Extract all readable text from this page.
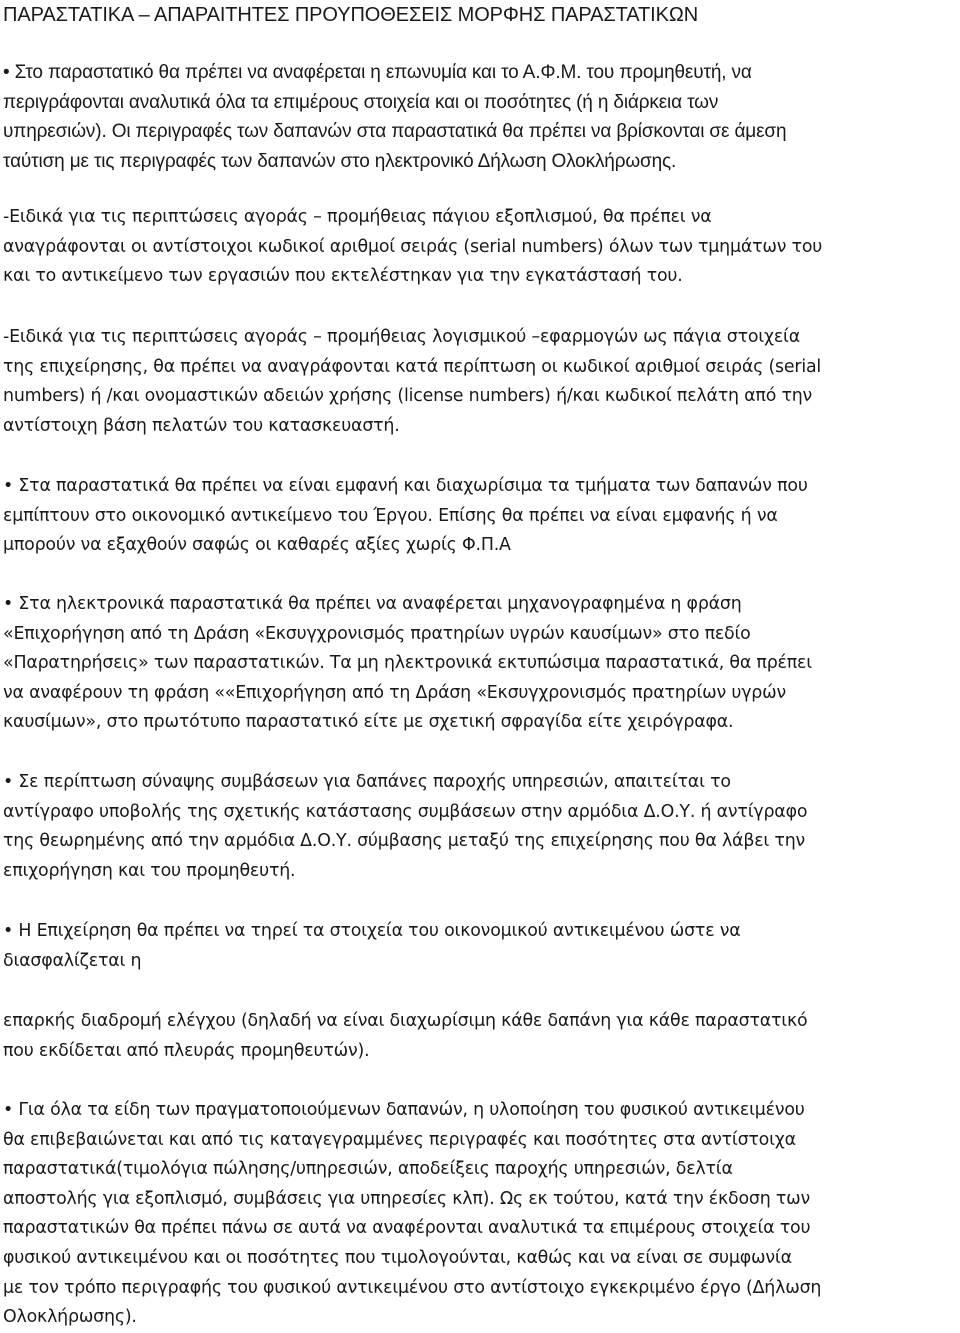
ΠΑΡΑΣΤΑΤΙΚΑ – ΑΠΑΡΑΙΤΗΤΕΣ ΠΡΟΥΠΟΘΕΣΕΙΣ ΜΟΡΦΗΣ ΠΑΡΑΣΤΑΤΙΚΩΝ
• Στο παραστατικό θα πρέπει να αναφέρεται η επωνυμία και το Α.Φ.Μ. του προμηθευτή, να
περιγράφονται αναλυτικά όλα τα επιμέρους στοιχεία και οι ποσότητες (ή η διάρκεια των
υπηρεσιών). Οι περιγραφές των δαπανών στα παραστατικά θα πρέπει να βρίσκονται σε άμεση
ταύτιση με τις περιγραφές των δαπανών στο ηλεκτρονικό Δήλωση Ολοκλήρωσης.
-Ειδικά για τις περιπτώσεις αγοράς – προμήθειας πάγιου εξοπλισμού, θα πρέπει να
αναγράφονται οι αντίστοιχοι κωδικοί αριθμοί σειράς (serial numbers) όλων των τμημάτων του
και το αντικείμενο των εργασιών που εκτελέστηκαν για την εγκατάστασή του.
-Ειδικά για τις περιπτώσεις αγοράς – προμήθειας λογισμικού –εφαρμογών ως πάγια στοιχεία
της επιχείρησης, θα πρέπει να αναγράφονται κατά περίπτωση οι κωδικοί αριθμοί σειράς (serial
numbers) ή /και ονομαστικών αδειών χρήσης (license numbers) ή/και κωδικοί πελάτη από την
αντίστοιχη βάση πελατών του κατασκευαστή.
• Στα παραστατικά θα πρέπει να είναι εμφανή και διαχωρίσιμα τα τμήματα των δαπανών που
εμπίπτουν στο οικονομικό αντικείμενο του Έργου. Επίσης θα πρέπει να είναι εμφανής ή να
μπορούν να εξαχθούν σαφώς οι καθαρές αξίες χωρίς Φ.Π.Α
• Στα ηλεκτρονικά παραστατικά θα πρέπει να αναφέρεται μηχανογραφημένα η φράση
«Επιχορήγηση από τη Δράση «Εκσυγχρονισμός πρατηρίων υγρών καυσίμων» στο πεδίο
«Παρατηρήσεις» των παραστατικών. Τα μη ηλεκτρονικά εκτυπώσιμα παραστατικά, θα πρέπει
να αναφέρουν τη φράση ««Επιχορήγηση από τη Δράση «Εκσυγχρονισμός πρατηρίων υγρών
καυσίμων», στο πρωτότυπο παραστατικό είτε με σχετική σφραγίδα είτε χειρόγραφα.
• Σε περίπτωση σύναψης συμβάσεων για δαπάνες παροχής υπηρεσιών, απαιτείται το
αντίγραφο υποβολής της σχετικής κατάστασης συμβάσεων στην αρμόδια Δ.Ο.Υ. ή αντίγραφο
της θεωρημένης από την αρμόδια Δ.Ο.Υ. σύμβασης μεταξύ της επιχείρησης που θα λάβει την
επιχορήγηση και του προμηθευτή.
• Η Επιχείρηση θα πρέπει να τηρεί τα στοιχεία του οικονομικού αντικειμένου ώστε να
διασφαλίζεται η
επαρκής διαδρομή ελέγχου (δηλαδή να είναι διαχωρίσιμη κάθε δαπάνη για κάθε παραστατικό
που εκδίδεται από πλευράς προμηθευτών).
• Για όλα τα είδη των πραγματοποιούμενων δαπανών, η υλοποίηση του φυσικού αντικειμένου
θα επιβεβαιώνεται και από τις καταγεγραμμένες περιγραφές και ποσότητες στα αντίστοιχα
παραστατικά(τιμολόγια πώλησης/υπηρεσιών, αποδείξεις παροχής υπηρεσιών, δελτία
αποστολής για εξοπλισμό, συμβάσεις για υπηρεσίες κλπ). Ως εκ τούτου, κατά την έκδοση των
παραστατικών θα πρέπει πάνω σε αυτά να αναφέρονται αναλυτικά τα επιμέρους στοιχεία του
φυσικού αντικειμένου και οι ποσότητες που τιμολογούνται, καθώς και να είναι σε συμφωνία
με τον τρόπο περιγραφής του φυσικού αντικειμένου στο αντίστοιχο εγκεκριμένο έργο (Δήλωση
Ολοκλήρωσης).
